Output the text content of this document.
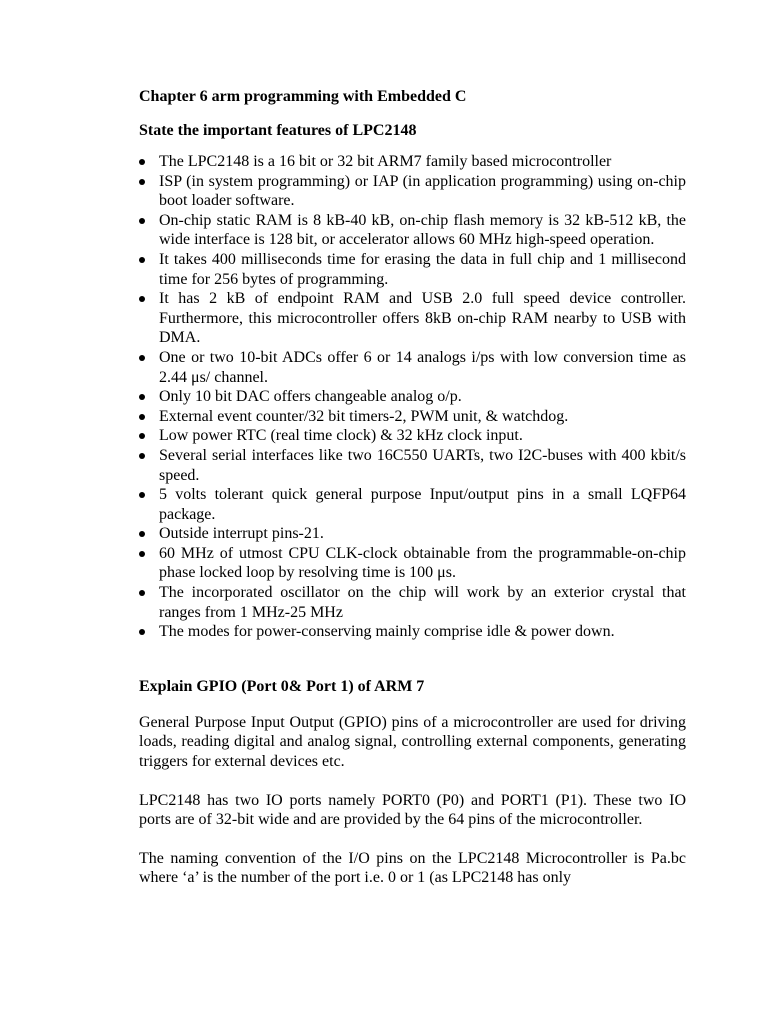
Chapter 6 arm programming with Embedded C
State the important features of LPC2148
The LPC2148 is a 16 bit or 32 bit ARM7 family based microcontroller
ISP (in system programming) or IAP (in application programming) using on-chip boot loader software.
On-chip static RAM is 8 kB-40 kB, on-chip flash memory is 32 kB-512 kB, the wide interface is 128 bit, or accelerator allows 60 MHz high-speed operation.
It takes 400 milliseconds time for erasing the data in full chip and 1 millisecond time for 256 bytes of programming.
It has 2 kB of endpoint RAM and USB 2.0 full speed device controller. Furthermore, this microcontroller offers 8kB on-chip RAM nearby to USB with DMA.
One or two 10-bit ADCs offer 6 or 14 analogs i/ps with low conversion time as 2.44 μs/ channel.
Only 10 bit DAC offers changeable analog o/p.
External event counter/32 bit timers-2, PWM unit, & watchdog.
Low power RTC (real time clock) & 32 kHz clock input.
Several serial interfaces like two 16C550 UARTs, two I2C-buses with 400 kbit/s speed.
5 volts tolerant quick general purpose Input/output pins in a small LQFP64 package.
Outside interrupt pins-21.
60 MHz of utmost CPU CLK-clock obtainable from the programmable-on-chip phase locked loop by resolving time is 100 μs.
The incorporated oscillator on the chip will work by an exterior crystal that ranges from 1 MHz-25 MHz
The modes for power-conserving mainly comprise idle & power down.
Explain GPIO (Port 0& Port 1) of ARM 7

General Purpose Input Output (GPIO) pins of a microcontroller are used for driving loads, reading digital and analog signal, controlling external components, generating triggers for external devices etc.

LPC2148 has two IO ports namely PORT0 (P0) and PORT1 (P1). These two IO ports are of 32-bit wide and are provided by the 64 pins of the microcontroller.

The naming convention of the I/O pins on the LPC2148 Microcontroller is Pa.bc where ‘a’ is the number of the port i.e. 0 or 1 (as LPC2148 has only
